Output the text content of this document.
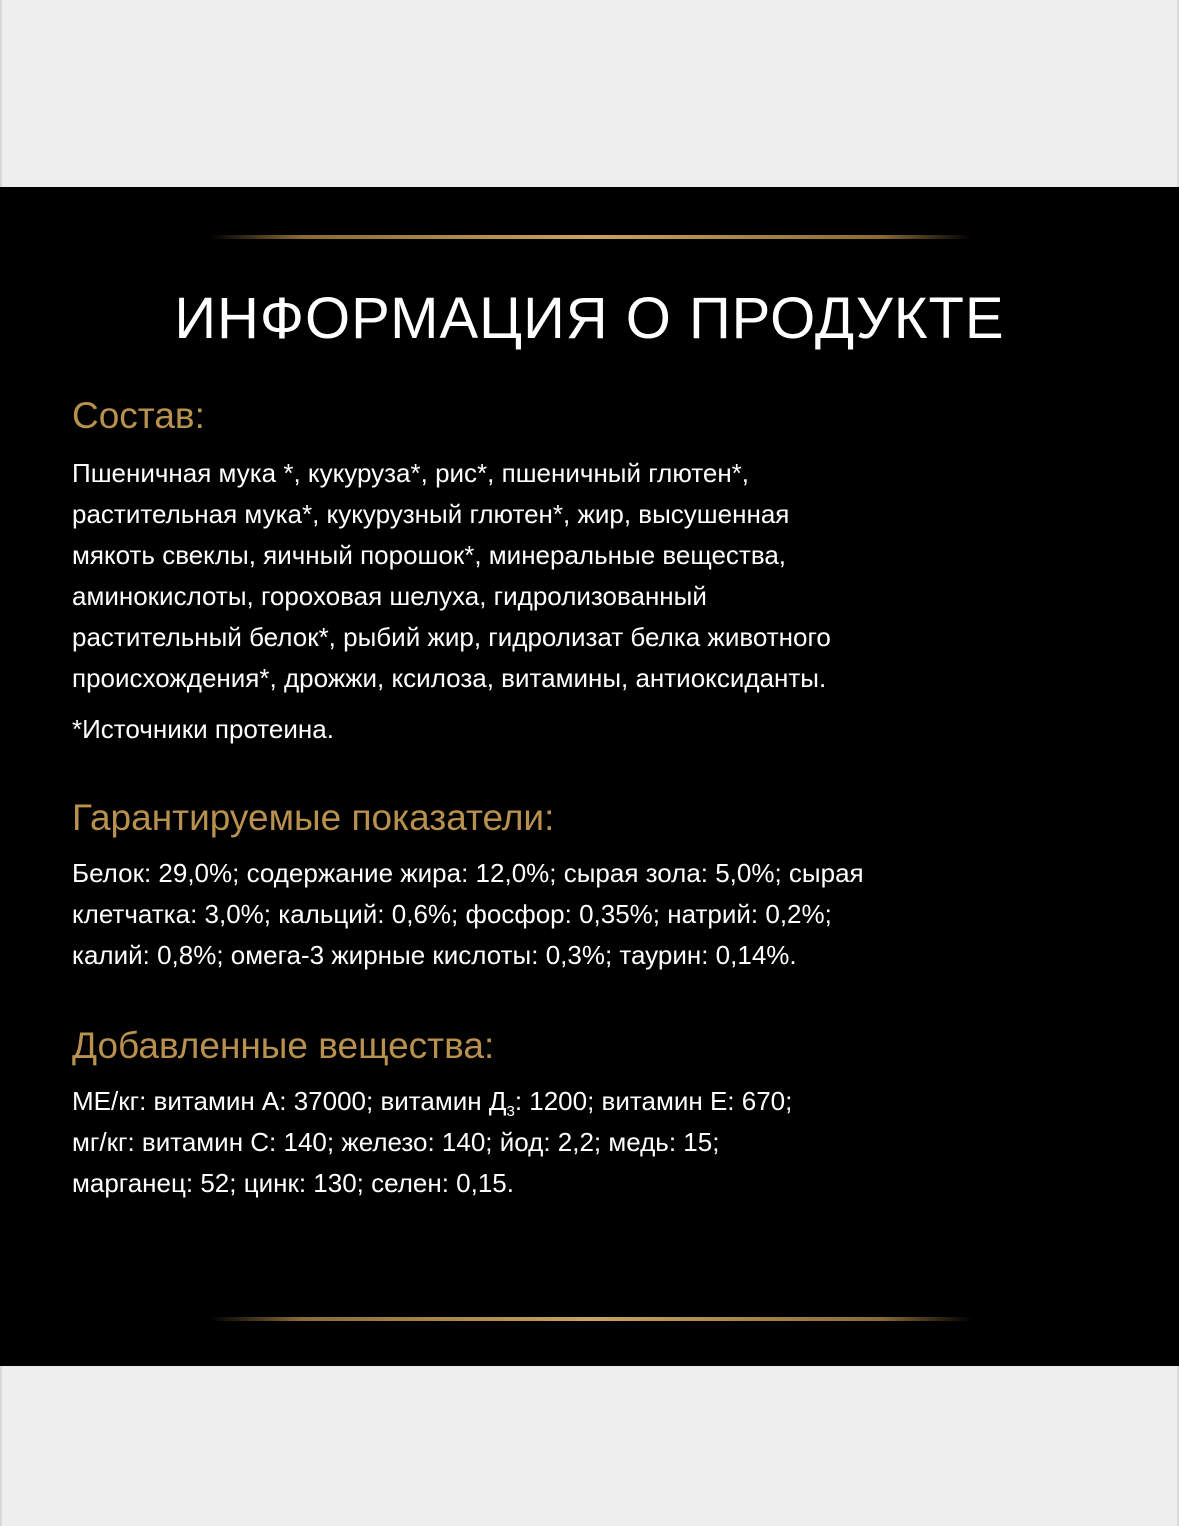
ИНФОРМАЦИЯ О ПРОДУКТЕ
Состав:

Пшеничная мука *, кукуруза*, рис*, пшеничный глютен*,
растительная мука*, кукурузный глютен*, жир, высушенная
мякоть свеклы, яичный порошок*, минеральные вещества,
аминокислоты, гороховая шелуха, гидролизованный
растительный белок*, рыбий жир, гидролизат белка животного
происхождения*, дрожжи, ксилоза, витамины, антиоксиданты.

*Источники протеина.

Гарантируемые показатели:

Белок: 29,0%; содержание жира: 12,0%; сырая зола: 5,0%; сырая
клетчатка: 3,0%; кальций: 0,6%; фосфор: 0,35%; натрий: 0,2%;
калий: 0,8%; омега-3 жирные кислоты: 0,3%; таурин: 0,14%.

Добавленные вещества:

МЕ/кг: витамин А: 37000; витамин $Д_3$: 1200; витамин Е: 670;
мг/кг: витамин С: 140; железо: 140; йод: 2,2; медь: 15;
марганец: 52; цинк: 130; селен: 0,15.
